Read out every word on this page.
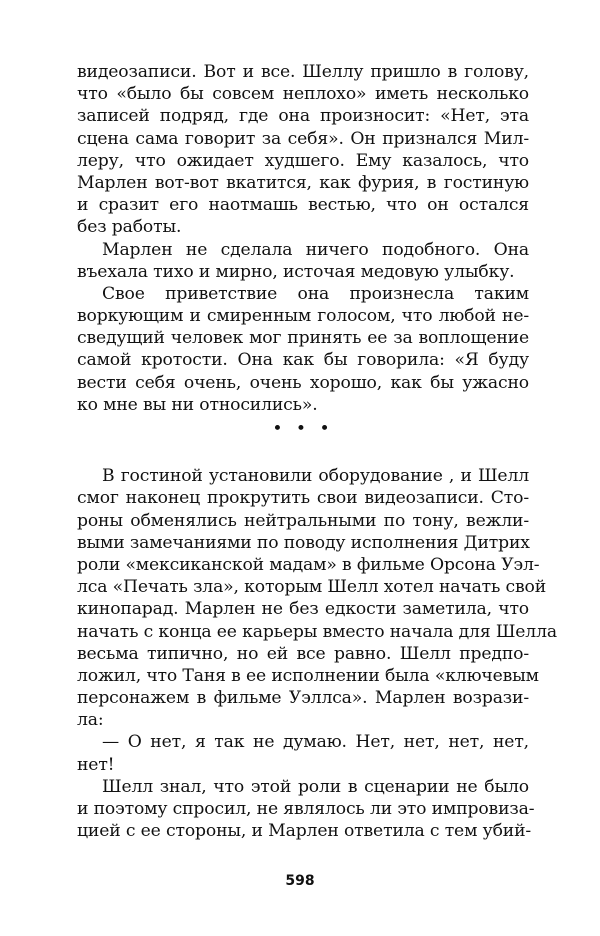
видеозаписи. Вот и все. Шеллу пришло в голову,
что «было бы совсем неплохо» иметь несколько
записей подряд, где она произносит: «Нет, эта
сцена сама говорит за себя». Он признался Мил-
леру, что ожидает худшего. Ему казалось, что
Марлен вот-вот вкатится, как фурия, в гостиную
и сразит его наотмашь вестью, что он остался
без работы.
Марлен не сделала ничего подобного. Она
въехала тихо и мирно, источая медовую улыбку.
Свое приветствие она произнесла таким
воркующим и смиренным голосом, что любой не-
сведущий человек мог принять ее за воплощение
самой кротости. Она как бы говорила: «Я буду
вести себя очень, очень хорошо, как бы ужасно
ко мне вы ни относились».
• • •
В гостиной установили оборудование , и Шелл
смог наконец прокрутить свои видеозаписи. Сто-
роны обменялись нейтральными по тону, вежли-
выми замечаниями по поводу исполнения Дитрих
роли «мексиканской мадам» в фильме Орсона Уэл-
лса «Печать зла», которым Шелл хотел начать свой
кинопарад. Марлен не без едкости заметила, что
начать с конца ее карьеры вместо начала для Шелла
весьма типично, но ей все равно. Шелл предпо-
ложил, что Таня в ее исполнении была «ключевым
персонажем в фильме Уэллса». Марлен возрази-
ла:
— О нет, я так не думаю. Нет, нет, нет, нет,
нет!
Шелл знал, что этой роли в сценарии не было
и поэтому спросил, не являлось ли это импровиза-
цией с ее стороны, и Марлен ответила с тем убий-
598
